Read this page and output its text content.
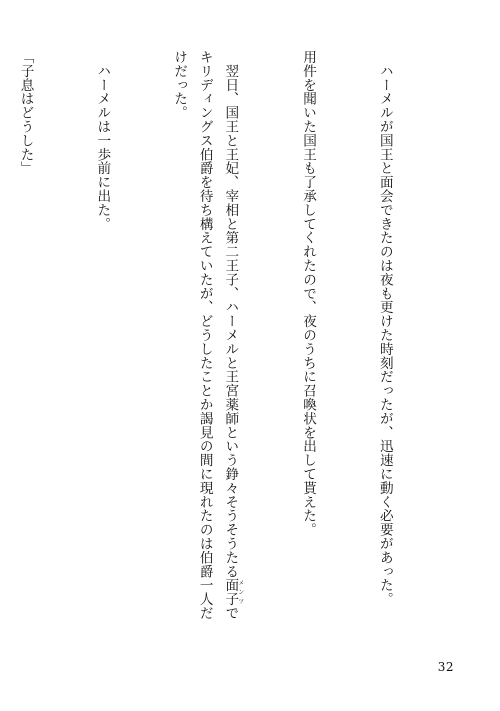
　ハーメルが国王と面会できたのは夜も更けた時刻だったが、迅速に動く必要があった。

用件を聞いた国王も了承してくれたので、夜のうちに召喚状を出して貰えた。

　翌日、国王と王妃、宰相と第二王子、ハーメルと王宮薬師という錚々そうそうたる面子メンツでキリディングス伯爵を待ち構えていたが、どうしたことか謁見の間に現れたのは伯爵一人だけだった。

　ハーメルは一歩前に出た。

「子息はどうした」

32
